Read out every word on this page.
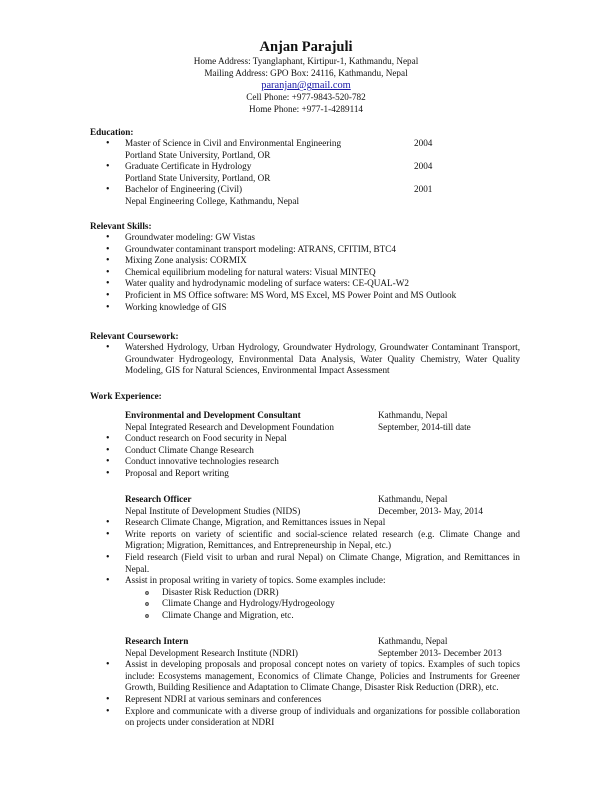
Anjan Parajuli
Home Address: Tyanglaphant, Kirtipur-1, Kathmandu, Nepal
Mailing Address: GPO Box: 24116, Kathmandu, Nepal
paranjan@gmail.com
Cell Phone: +977-9843-520-782
Home Phone: +977-1-4289114
Education:
• Master of Science in Civil and Environmental Engineering	2004
Portland State University, Portland, OR
• Graduate Certificate in Hydrology	2004
Portland State University, Portland, OR
• Bachelor of Engineering (Civil)	2001
Nepal Engineering College, Kathmandu, Nepal
Relevant Skills:
• Groundwater modeling: GW Vistas
• Groundwater contaminant transport modeling: ATRANS, CFITIM, BTC4
• Mixing Zone analysis: CORMIX
• Chemical equilibrium modeling for natural waters: Visual MINTEQ
• Water quality and hydrodynamic modeling of surface waters: CE-QUAL-W2
• Proficient in MS Office software: MS Word, MS Excel, MS Power Point and MS Outlook
• Working knowledge of GIS
Relevant Coursework:
• Watershed Hydrology, Urban Hydrology, Groundwater Hydrology, Groundwater Contaminant Transport, Groundwater Hydrogeology, Environmental Data Analysis, Water Quality Chemistry, Water Quality Modeling, GIS for Natural Sciences, Environmental Impact Assessment
Work Experience:
Environmental and Development Consultant	Kathmandu, Nepal
Nepal Integrated Research and Development Foundation	September, 2014-till date
• Conduct research on Food security in Nepal
• Conduct Climate Change Research
• Conduct innovative technologies research
• Proposal and Report writing
Research Officer	Kathmandu, Nepal
Nepal Institute of Development Studies (NIDS)	December, 2013- May, 2014
• Research Climate Change, Migration, and Remittances issues in Nepal
• Write reports on variety of scientific and social-science related research (e.g. Climate Change and Migration; Migration, Remittances, and Entrepreneurship in Nepal, etc.)
• Field research (Field visit to urban and rural Nepal) on Climate Change, Migration, and Remittances in Nepal.
• Assist in proposal writing in variety of topics. Some examples include:
o Disaster Risk Reduction (DRR)
o Climate Change and Hydrology/Hydrogeology
o Climate Change and Migration, etc.
Research Intern	Kathmandu, Nepal
Nepal Development Research Institute (NDRI)	September 2013- December 2013
• Assist in developing proposals and proposal concept notes on variety of topics. Examples of such topics include: Ecosystems management, Economics of Climate Change, Policies and Instruments for Greener Growth, Building Resilience and Adaptation to Climate Change, Disaster Risk Reduction (DRR), etc.
• Represent NDRI at various seminars and conferences
• Explore and communicate with a diverse group of individuals and organizations for possible collaboration on projects under consideration at NDRI
